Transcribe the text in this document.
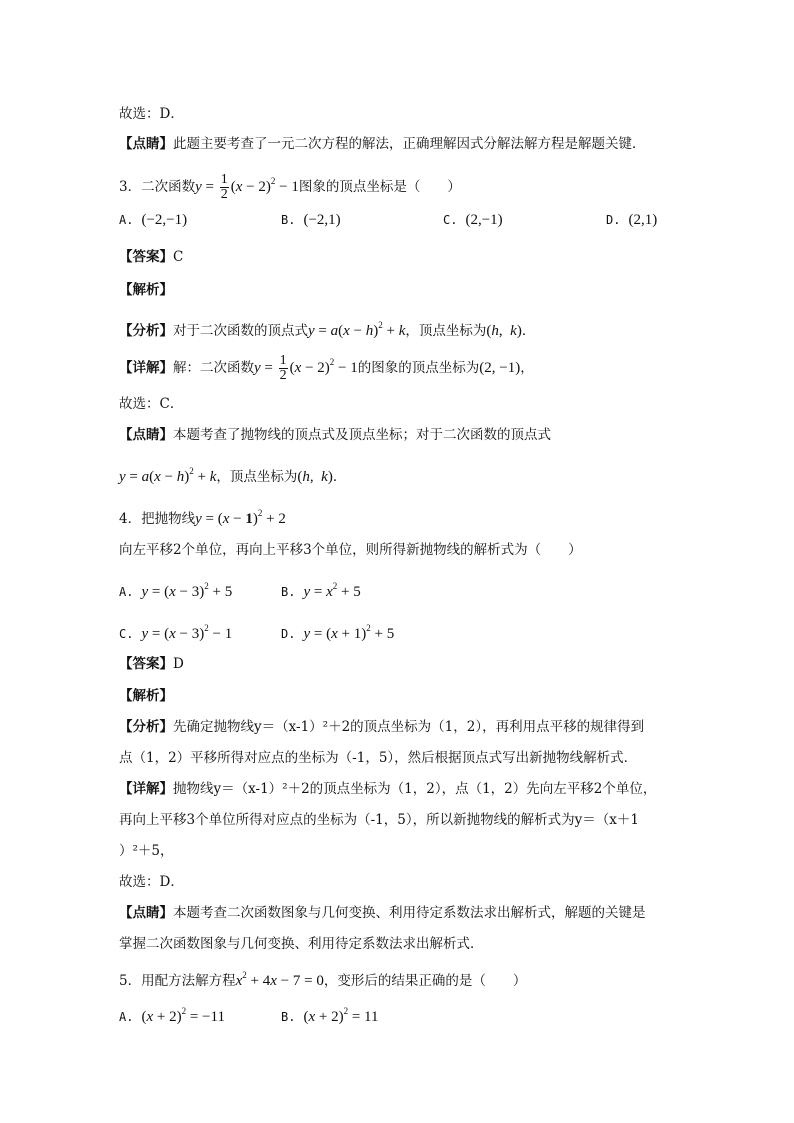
故选：D．
【点睛】此题主要考查了一元二次方程的解法，正确理解因式分解法解方程是解题关键．
3．二次函数$y = \frac{1}{2} (x - 2)^2 - 1$图象的顶点坐标是（　　）
A. (−2,−1)	B. (−2,1)	C. (2,−1)	D. (2,1)
【答案】C
【解析】
【分析】对于二次函数的顶点式$y = a(x - h)^2 + k$，顶点坐标为(h,  k)．
【详解】解：二次函数$y = \frac{1}{2} (x - 2)^2 - 1$的图象的顶点坐标为(2, −1)，
故选：C．
【点睛】本题考查了抛物线的顶点式及顶点坐标；对于二次函数的顶点式
$y = a(x - h)^2 + k$，顶点坐标为(h,  k)．
4．把抛物线$y = (x - 1)^2 + 2$
向左平移2个单位，再向上平移3个单位，则所得新抛物线的解析式为（　　）
A. $y = (x - 3)^2 + 5$	B. $y = x^2 + 5$
C. $y = (x - 3)^2 - 1$	D. $y = (x + 1)^2 + 5$
【答案】D
【解析】
【分析】先确定抛物线y＝（x-1）²＋2的顶点坐标为（1，2），再利用点平移的规律得到
点（1，2）平移所得对应点的坐标为（-1，5），然后根据顶点式写出新抛物线解析式．
【详解】抛物线y＝（x-1）²＋2的顶点坐标为（1，2），点（1，2）先向左平移2个单位，
再向上平移3个单位所得对应点的坐标为（-1，5），所以新抛物线的解析式为y＝（x＋1
）²＋5，
故选：D．
【点睛】本题考查二次函数图象与几何变换、利用待定系数法求出解析式，解题的关键是
掌握二次函数图象与几何变换、利用待定系数法求出解析式．
5．用配方法解方程$x^2 + 4x - 7 = 0$，变形后的结果正确的是（　　）
A. $(x + 2)^2 = -11$	B. $(x + 2)^2 = 11$
